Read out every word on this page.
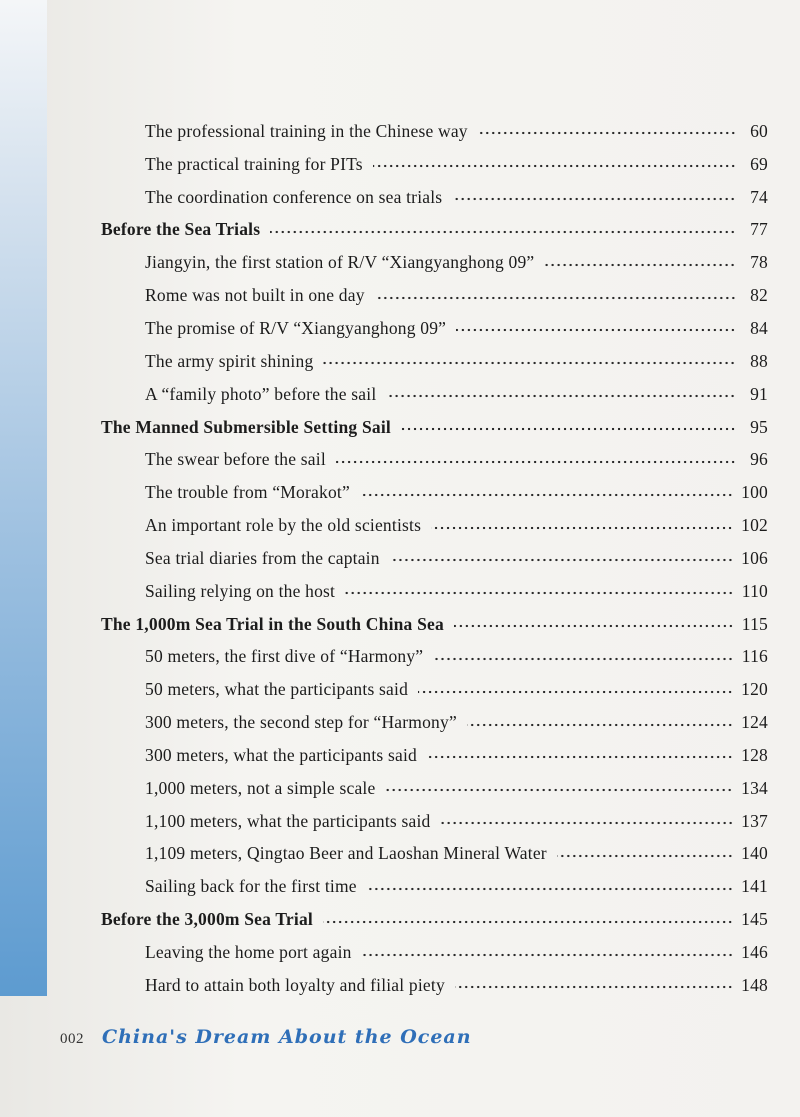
The professional training in the Chinese way	60
The practical training for PITs	69
The coordination conference on sea trials	74
Before the Sea Trials	77
Jiangyin, the first station of R/V “Xiangyanghong 09”	78
Rome was not built in one day	82
The promise of R/V “Xiangyanghong 09”	84
The army spirit shining	88
A “family photo” before the sail	91
The Manned Submersible Setting Sail	95
The swear before the sail	96
The trouble from “Morakot”	100
An important role by the old scientists	102
Sea trial diaries from the captain	106
Sailing relying on the host	110
The 1,000m Sea Trial in the South China Sea	115
50 meters, the first dive of “Harmony”	116
50 meters, what the participants said	120
300 meters, the second step for “Harmony”	124
300 meters, what the participants said	128
1,000 meters, not a simple scale	134
1,100 meters, what the participants said	137
1,109 meters, Qingtao Beer and Laoshan Mineral Water	140
Sailing back for the first time	141
Before the 3,000m Sea Trial	145
Leaving the home port again	146
Hard to attain both loyalty and filial piety	148
002 China's Dream About the Ocean
